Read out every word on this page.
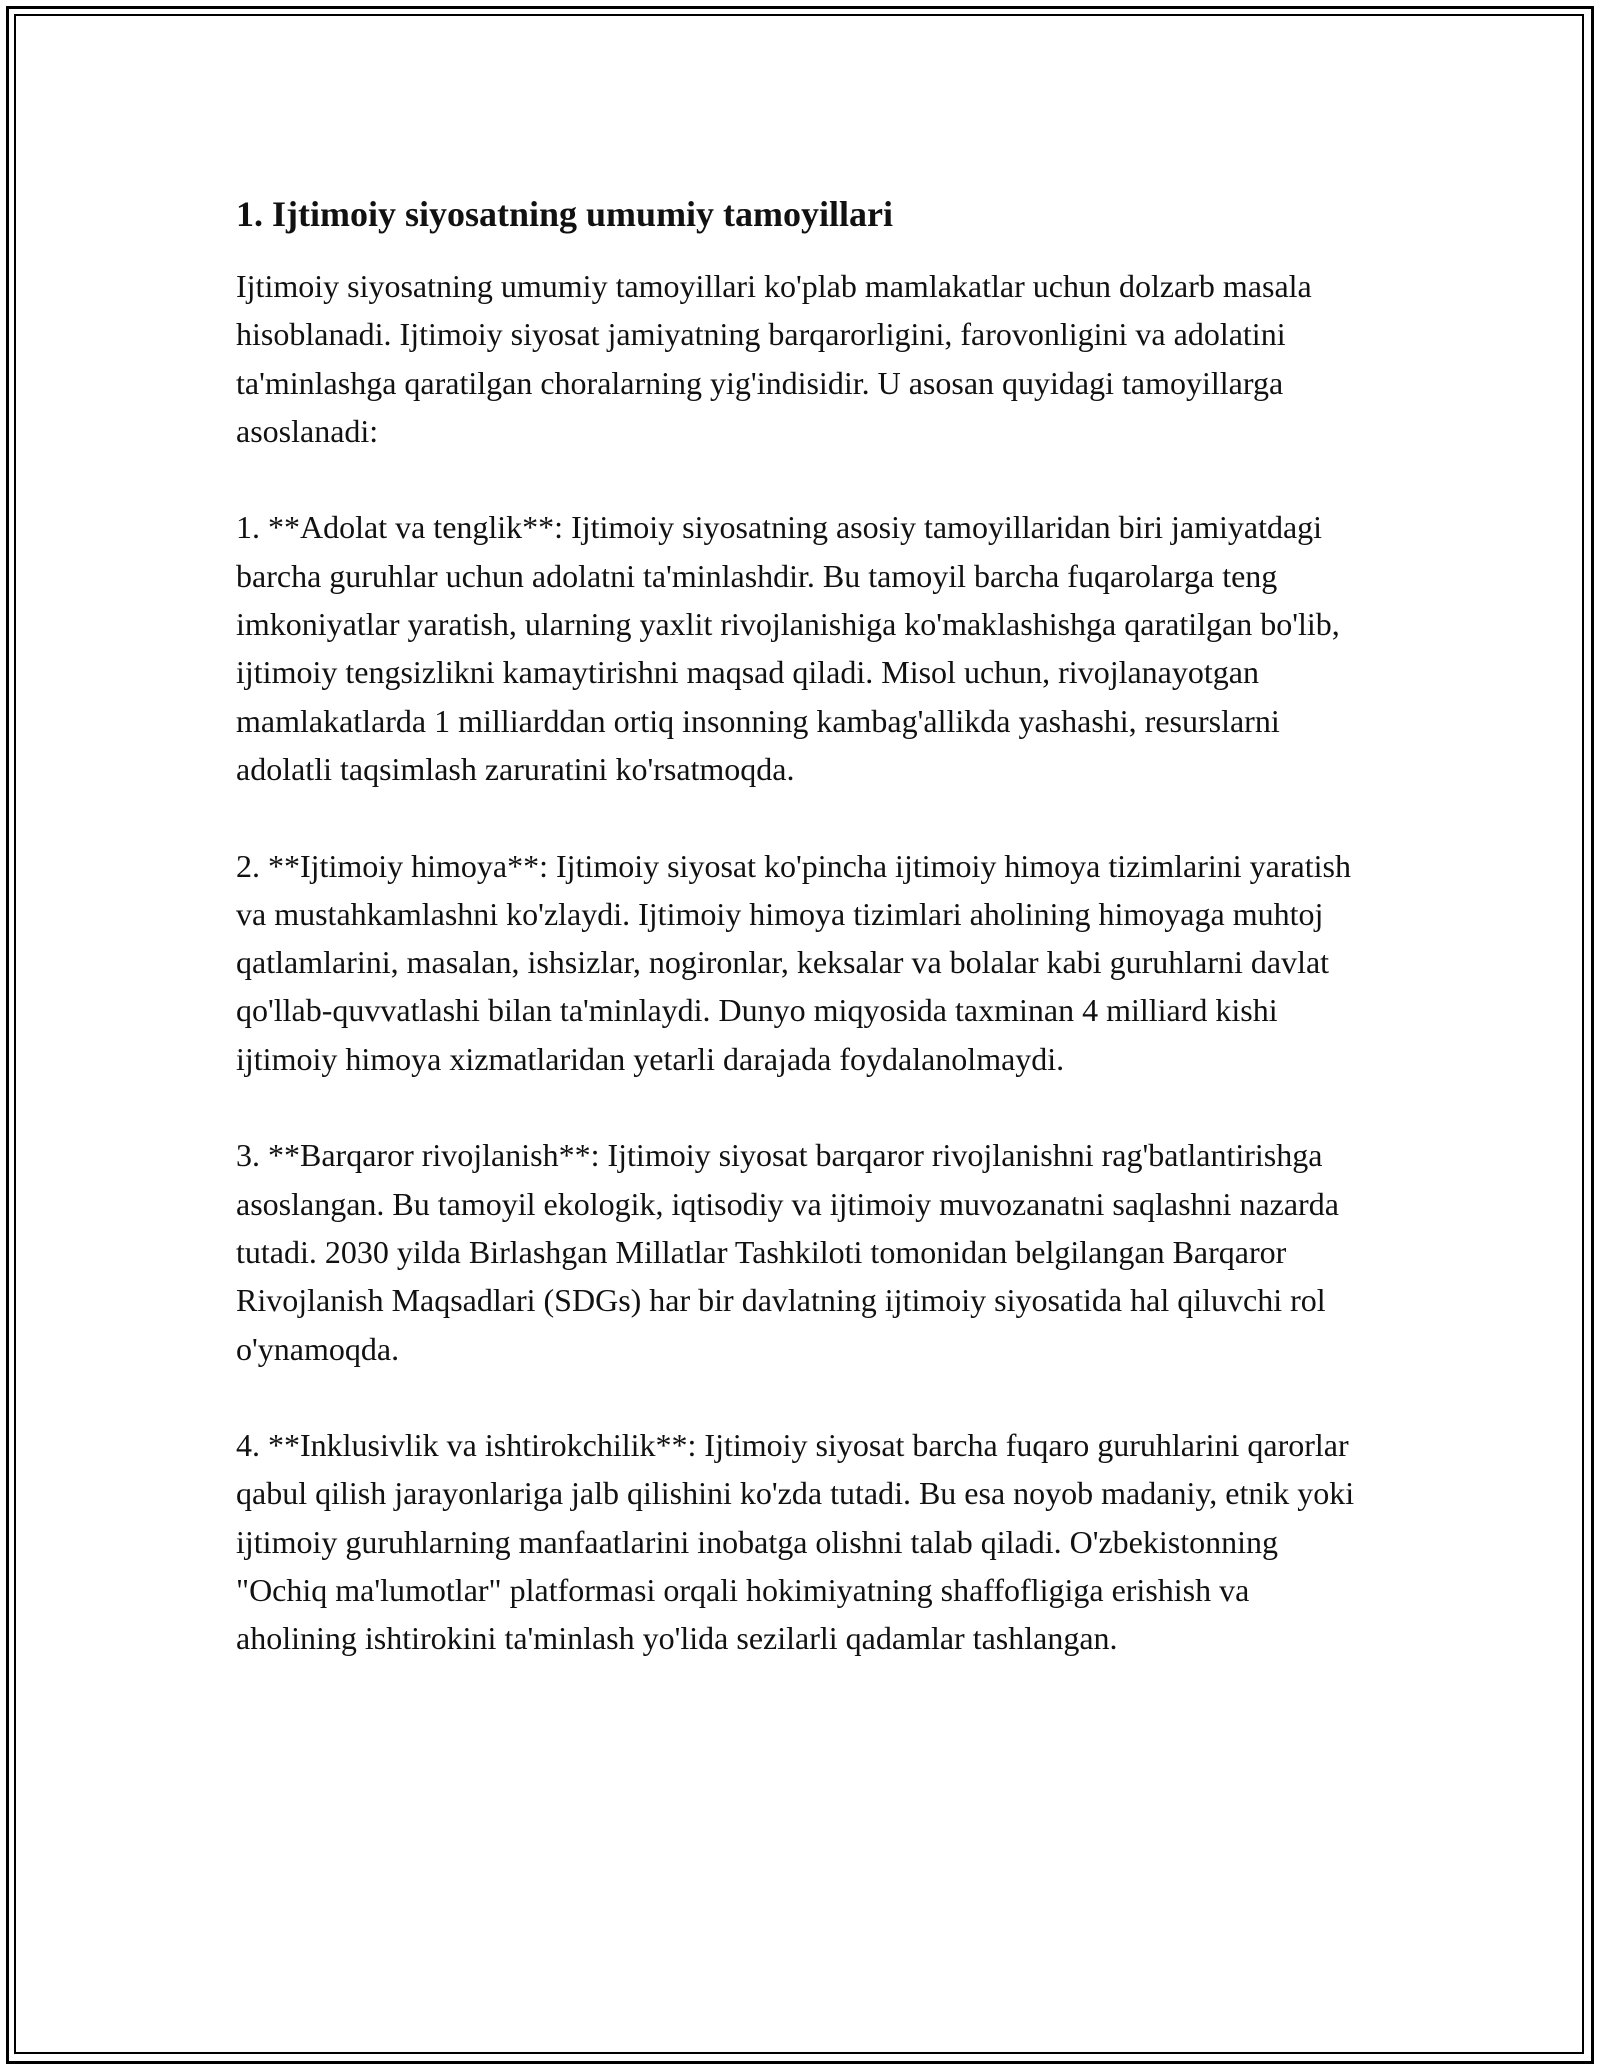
1. Ijtimoiy siyosatning umumiy tamoyillari

Ijtimoiy siyosatning umumiy tamoyillari ko'plab mamlakatlar uchun dolzarb masala hisoblanadi. Ijtimoiy siyosat jamiyatning barqarorligini, farovonligini va adolatini ta'minlashga qaratilgan choralarning yig'indisidir. U asosan quyidagi tamoyillarga asoslanadi:

1. **Adolat va tenglik**: Ijtimoiy siyosatning asosiy tamoyillaridan biri jamiyatdagi barcha guruhlar uchun adolatni ta'minlashdir. Bu tamoyil barcha fuqarolarga teng imkoniyatlar yaratish, ularning yaxlit rivojlanishiga ko'maklashishga qaratilgan bo'lib, ijtimoiy tengsizlikni kamaytirishni maqsad qiladi. Misol uchun, rivojlanayotgan mamlakatlarda 1 milliarddan ortiq insonning kambag'allikda yashashi, resurslarni adolatli taqsimlash zaruratini ko'rsatmoqda.

2. **Ijtimoiy himoya**: Ijtimoiy siyosat ko'pincha ijtimoiy himoya tizimlarini yaratish va mustahkamlashni ko'zlaydi. Ijtimoiy himoya tizimlari aholining himoyaga muhtoj qatlamlarini, masalan, ishsizlar, nogironlar, keksalar va bolalar kabi guruhlarni davlat qo'llab-quvvatlashi bilan ta'minlaydi. Dunyo miqyosida taxminan 4 milliard kishi ijtimoiy himoya xizmatlaridan yetarli darajada foydalanolmaydi.

3. **Barqaror rivojlanish**: Ijtimoiy siyosat barqaror rivojlanishni rag'batlantirishga asoslangan. Bu tamoyil ekologik, iqtisodiy va ijtimoiy muvozanatni saqlashni nazarda tutadi. 2030 yilda Birlashgan Millatlar Tashkiloti tomonidan belgilangan Barqaror Rivojlanish Maqsadlari (SDGs) har bir davlatning ijtimoiy siyosatida hal qiluvchi rol o'ynamoqda.

4. **Inklusivlik va ishtirokchilik**: Ijtimoiy siyosat barcha fuqaro guruhlarini qarorlar qabul qilish jarayonlariga jalb qilishini ko'zda tutadi. Bu esa noyob madaniy, etnik yoki ijtimoiy guruhlarning manfaatlarini inobatga olishni talab qiladi. O'zbekistonning "Ochiq ma'lumotlar" platformasi orqali hokimiyatning shaffofligiga erishish va aholining ishtirokini ta'minlash yo'lida sezilarli qadamlar tashlangan.
